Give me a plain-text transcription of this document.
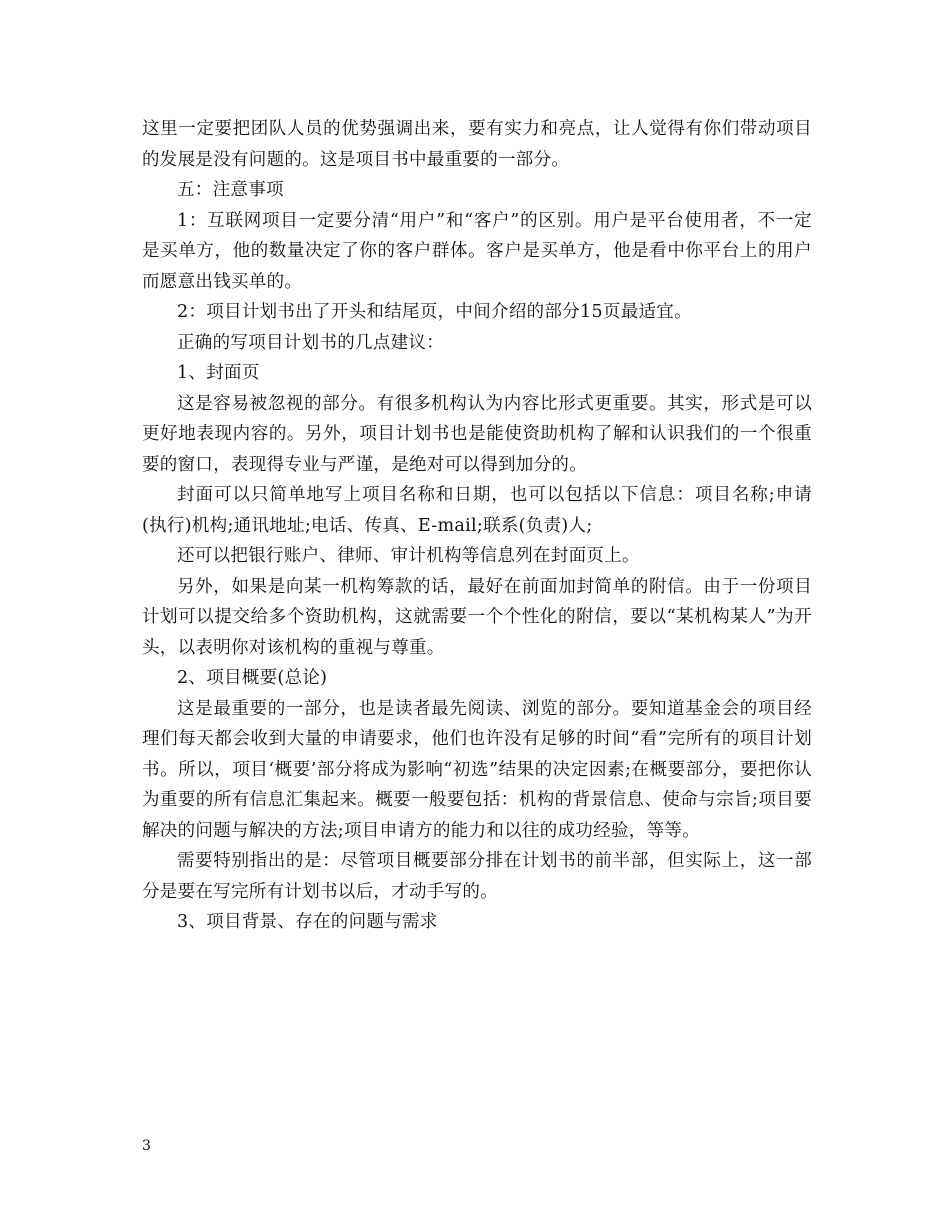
这里一定要把团队人员的优势强调出来，要有实力和亮点，让人觉得有你们带动项目的发展是没有问题的。这是项目书中最重要的一部分。

五：注意事项

1：互联网项目一定要分清“用户”和“客户”的区别。用户是平台使用者，不一定是买单方，他的数量决定了你的客户群体。客户是买单方，他是看中你平台上的用户而愿意出钱买单的。

2：项目计划书出了开头和结尾页，中间介绍的部分15页最适宜。

正确的写项目计划书的几点建议：

1、封面页

这是容易被忽视的部分。有很多机构认为内容比形式更重要。其实，形式是可以更好地表现内容的。另外，项目计划书也是能使资助机构了解和认识我们的一个很重要的窗口，表现得专业与严谨，是绝对可以得到加分的。

封面可以只简单地写上项目名称和日期，也可以包括以下信息：项目名称;申请(执行)机构;通讯地址;电话、传真、E-mail;联系(负责)人;

还可以把银行账户、律师、审计机构等信息列在封面页上。

另外，如果是向某一机构筹款的话，最好在前面加封简单的附信。由于一份项目计划可以提交给多个资助机构，这就需要一个个性化的附信，要以“某机构某人”为开头，以表明你对该机构的重视与尊重。

2、项目概要(总论)

这是最重要的一部分，也是读者最先阅读、浏览的部分。要知道基金会的项目经理们每天都会收到大量的申请要求，他们也许没有足够的时间“看”完所有的项目计划书。所以，项目‘概要’部分将成为影响“初选”结果的决定因素;在概要部分，要把你认为重要的所有信息汇集起来。概要一般要包括：机构的背景信息、使命与宗旨;项目要解决的问题与解决的方法;项目申请方的能力和以往的成功经验，等等。

需要特别指出的是：尽管项目概要部分排在计划书的前半部，但实际上，这一部分是要在写完所有计划书以后，才动手写的。

3、项目背景、存在的问题与需求

3
